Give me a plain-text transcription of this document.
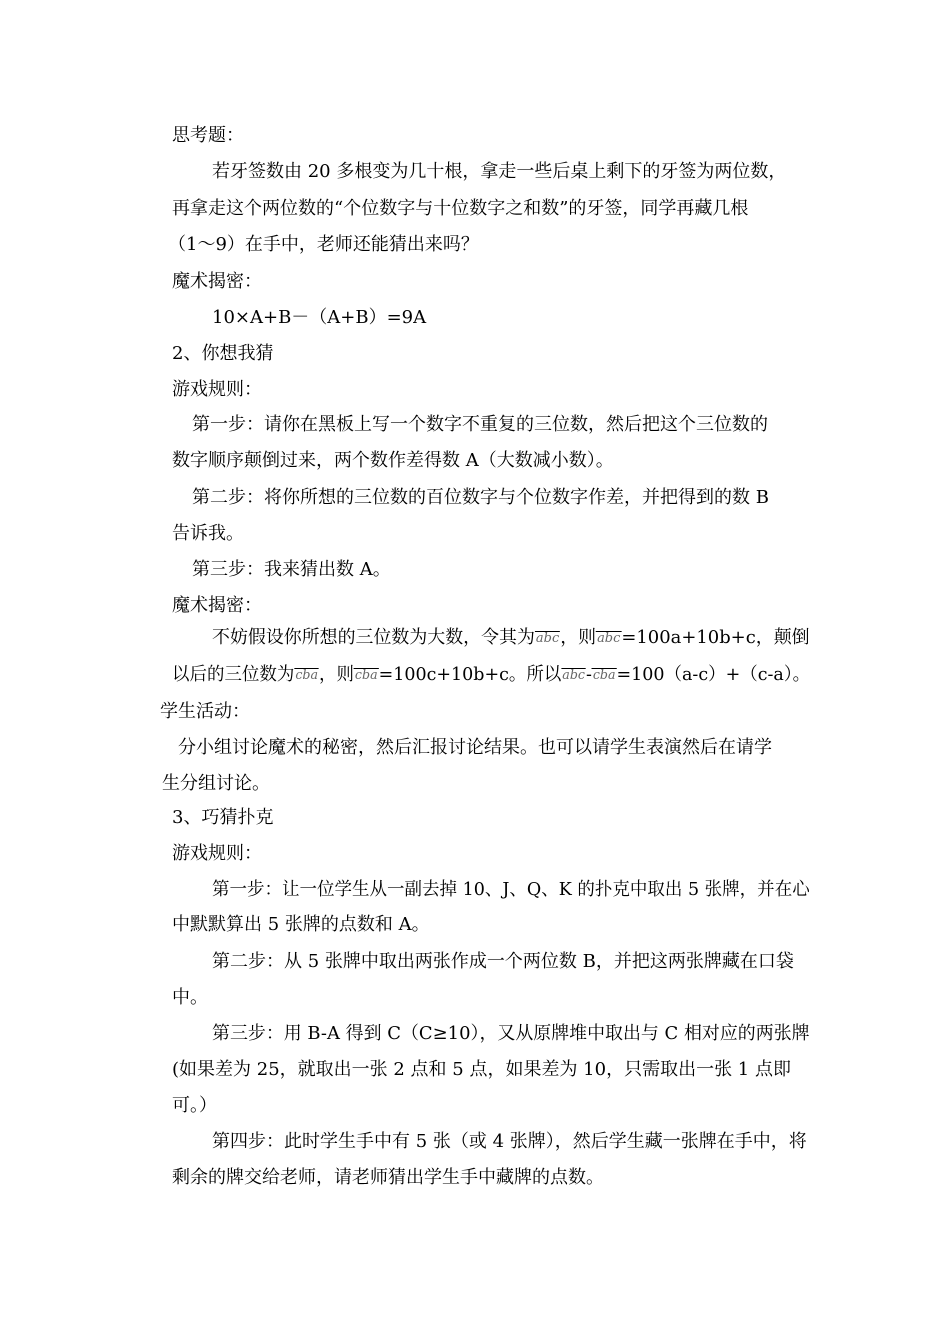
思考题：
若牙签数由 20 多根变为几十根，拿走一些后桌上剩下的牙签为两位数，
再拿走这个两位数的“个位数字与十位数字之和数”的牙签，同学再藏几根
（1～9）在手中，老师还能猜出来吗？
魔术揭密：
10×A+B－（A+B）=9A
2、你想我猜
游戏规则：
第一步：请你在黑板上写一个数字不重复的三位数，然后把这个三位数的
数字顺序颠倒过来，两个数作差得数 A（大数减小数）。
第二步：将你所想的三位数的百位数字与个位数字作差，并把得到的数 B
告诉我。
第三步：我来猜出数 A。
魔术揭密：
不妨假设你所想的三位数为大数，令其为abc，则abc=100a+10b+c，颠倒
以后的三位数为cba，则cba=100c+10b+c。所以abc-cba=100（a-c）+（c-a）。
学生活动：
分小组讨论魔术的秘密，然后汇报讨论结果。也可以请学生表演然后在请学
生分组讨论。
3、巧猜扑克
游戏规则：
第一步：让一位学生从一副去掉 10、J、Q、K 的扑克中取出 5 张牌，并在心
中默默算出 5 张牌的点数和 A。
第二步：从 5 张牌中取出两张作成一个两位数 B，并把这两张牌藏在口袋
中。
第三步：用 B-A 得到 C（C≥10），又从原牌堆中取出与 C 相对应的两张牌
(如果差为 25，就取出一张 2 点和 5 点，如果差为 10，只需取出一张 1 点即
可。）
第四步：此时学生手中有 5 张（或 4 张牌），然后学生藏一张牌在手中，将
剩余的牌交给老师，请老师猜出学生手中藏牌的点数。
